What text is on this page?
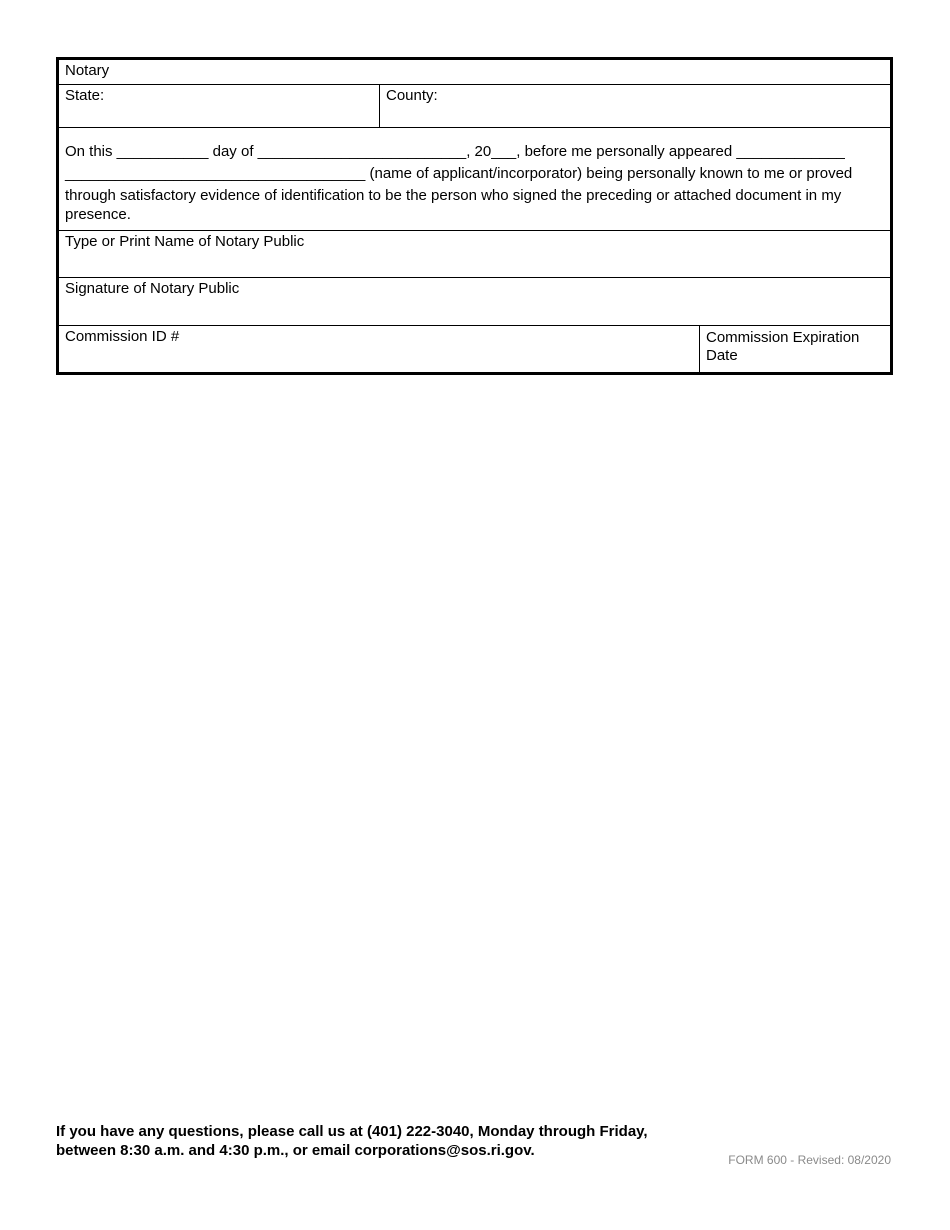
Notary
State:	County:
On this ___________ day of _________________________, 20___, before me personally appeared _____________
____________________________________ (name of applicant/incorporator) being personally known to me or proved
through satisfactory evidence of identification to be the person who signed the preceding or attached document in my presence.
Type or Print Name of Notary Public
Signature of Notary Public
Commission ID #	Commission Expiration Date
If you have any questions, please call us at (401) 222-3040, Monday through Friday,
between 8:30 a.m. and 4:30 p.m., or email corporations@sos.ri.gov.
FORM 600 - Revised: 08/2020
